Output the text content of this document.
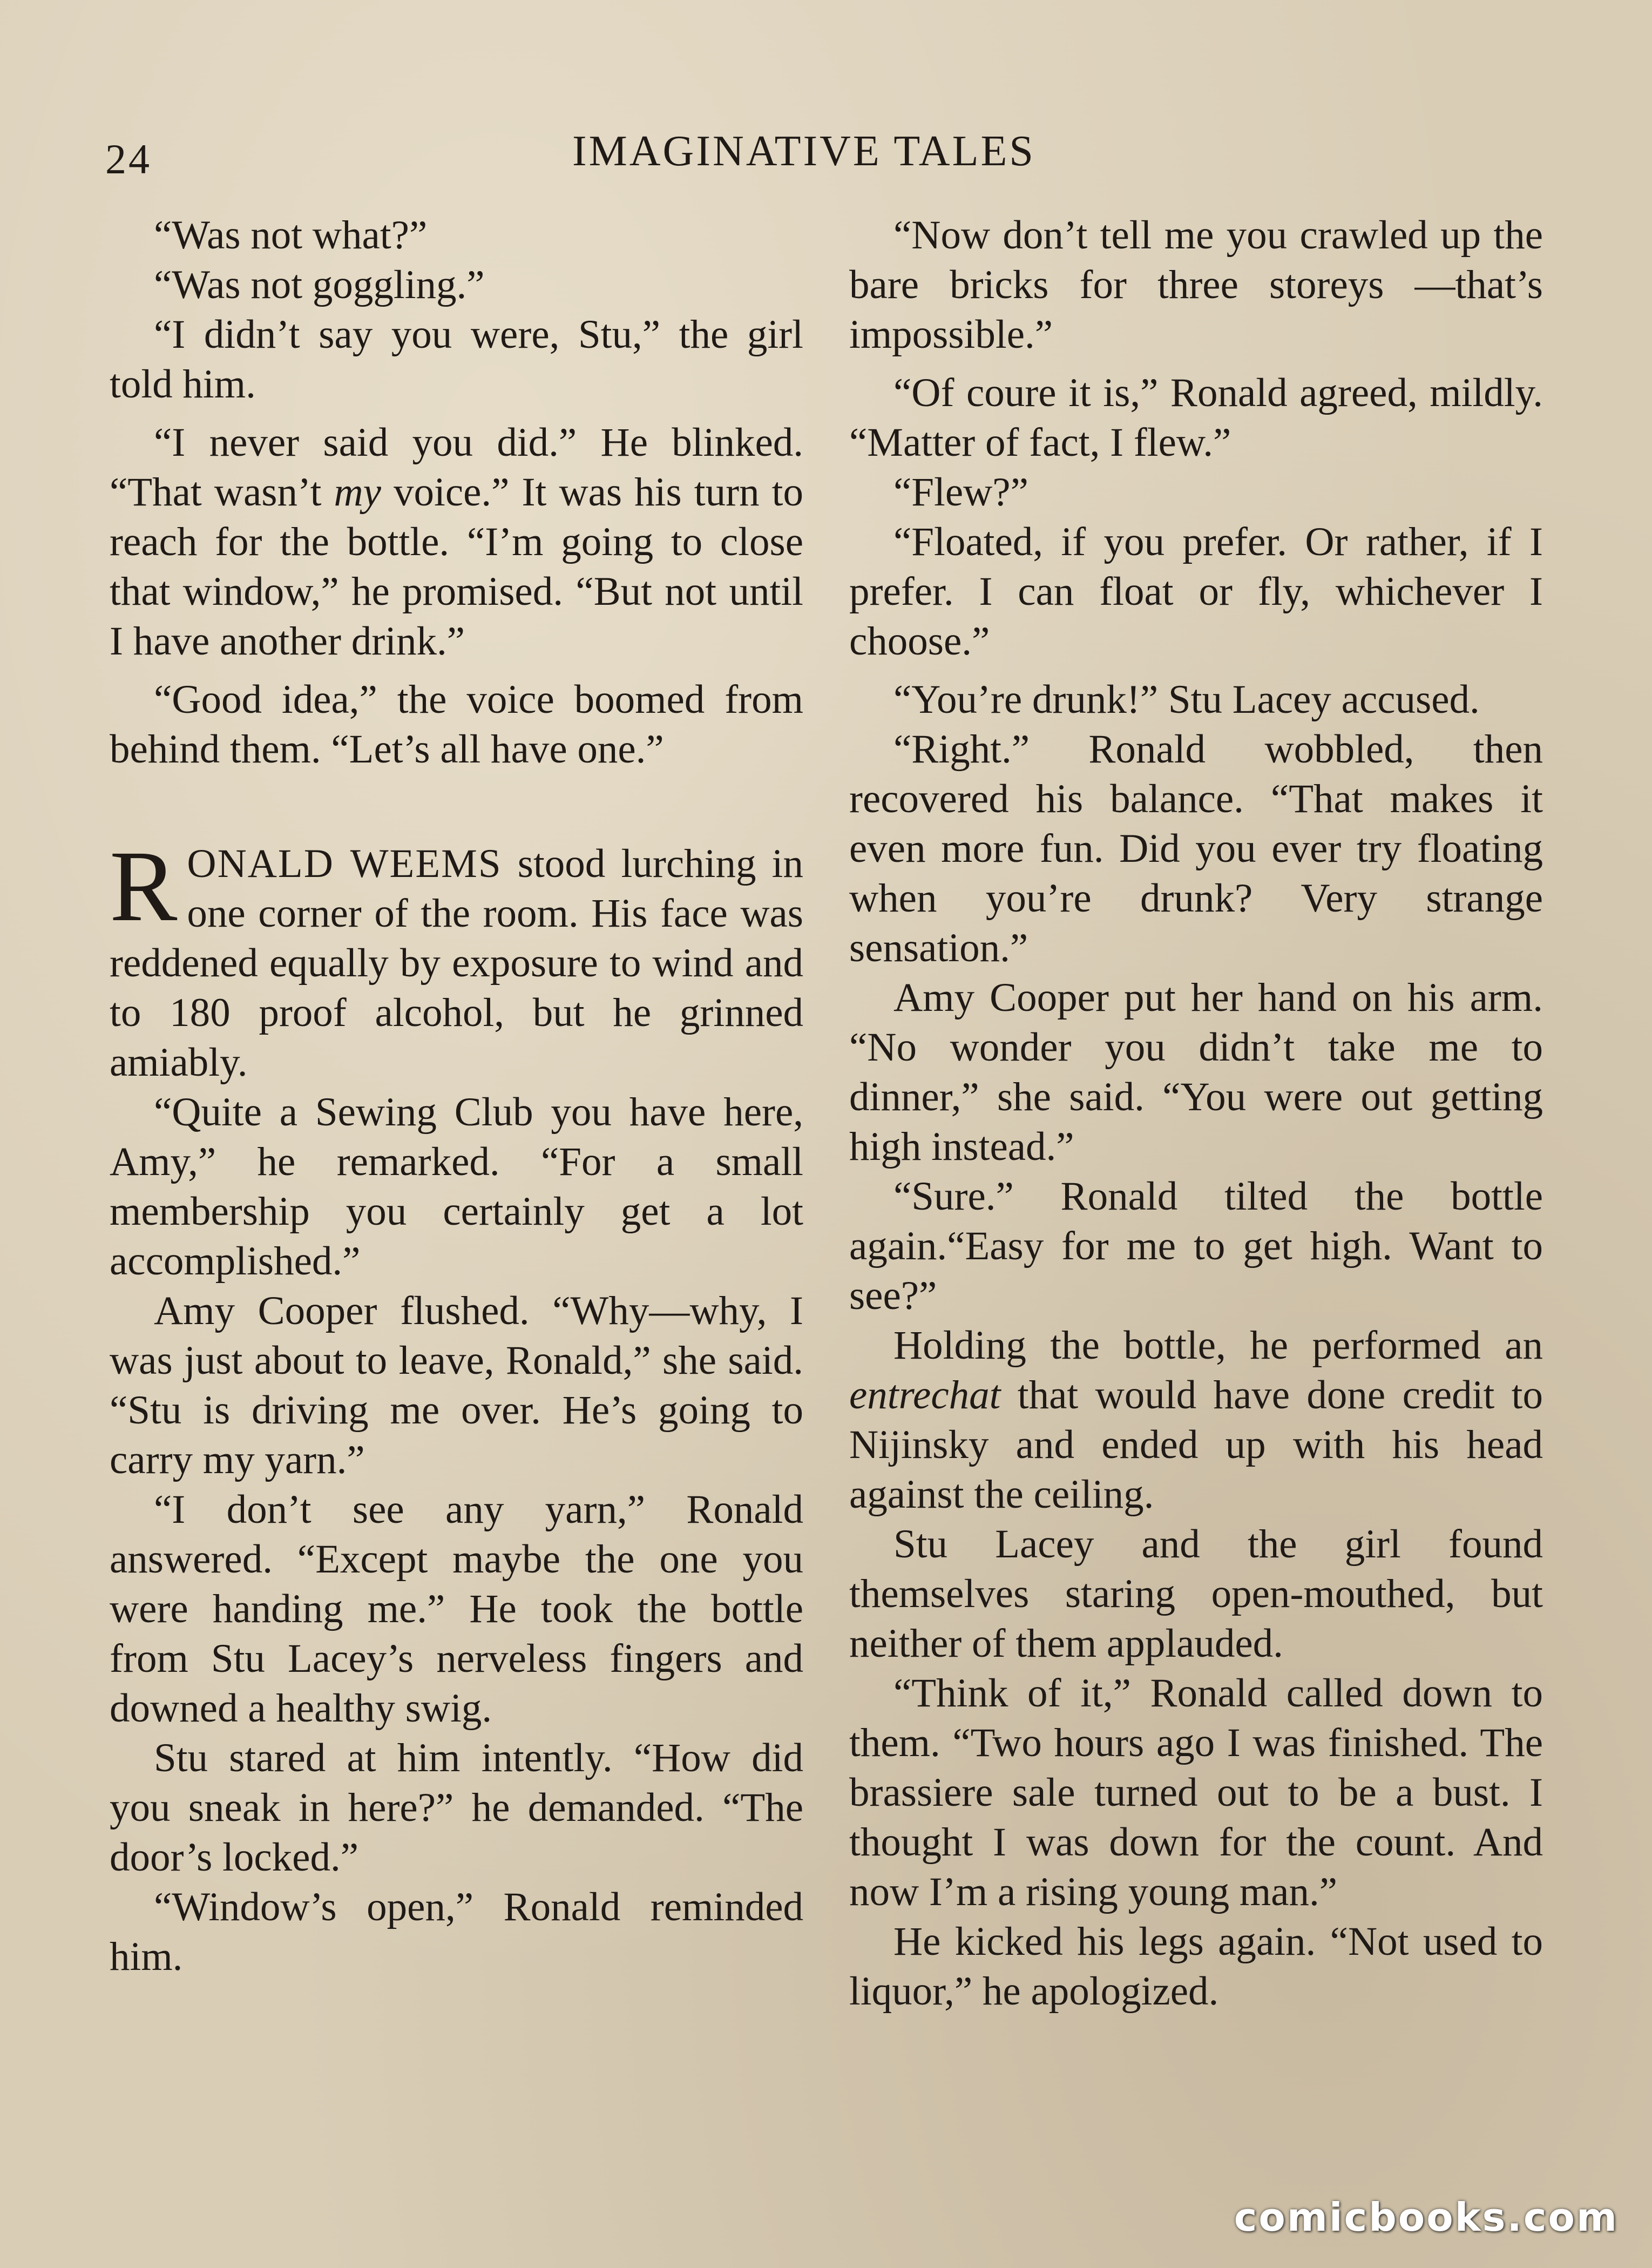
24	IMAGINATIVE TALES

“Was not what?”

“Was not goggling.”

“I didn’t say you were, Stu,” the girl told him.

“I never said you did.” He blinked. “That wasn’t my voice.” It was his turn to reach for the bottle. “I’m going to close that window,” he promised. “But not until I have another drink.”

“Good idea,” the voice boomed from behind them. “Let’s all have one.”

RONALD WEEMS stood lurching in one corner of the room. His face was reddened equally by exposure to wind and to 180 proof alcohol, but he grinned amiably.

“Quite a Sewing Club you have here, Amy,” he remarked. “For a small membership you certainly get a lot accomplished.”

Amy Cooper flushed. “Why—why, I was just about to leave, Ronald,” she said. “Stu is driving me over. He’s going to carry my yarn.”

“I don’t see any yarn,” Ronald answered. “Except maybe the one you were handing me.” He took the bottle from Stu Lacey’s nerveless fingers and downed a healthy swig.

Stu stared at him intently. “How did you sneak in here?” he demanded. “The door’s locked.”

“Window’s open,” Ronald reminded him.

“Now don’t tell me you crawled up the bare bricks for three storeys —that’s impossible.”

“Of coure it is,” Ronald agreed, mildly. “Matter of fact, I flew.”

“Flew?”

“Floated, if you prefer. Or rather, if I prefer. I can float or fly, whichever I choose.”

“You’re drunk!” Stu Lacey accused.

“Right.” Ronald wobbled, then recovered his balance. “That makes it even more fun. Did you ever try floating when you’re drunk? Very strange sensation.”

Amy Cooper put her hand on his arm. “No wonder you didn’t take me to dinner,” she said. “You were out getting high instead.”

“Sure.” Ronald tilted the bottle again.“Easy for me to get high. Want to see?”

Holding the bottle, he performed an entrechat that would have done credit to Nijinsky and ended up with his head against the ceiling.

Stu Lacey and the girl found themselves staring open-mouthed, but neither of them applauded.

“Think of it,” Ronald called down to them. “Two hours ago I was finished. The brassiere sale turned out to be a bust. I thought I was down for the count. And now I’m a rising young man.”

He kicked his legs again. “Not used to liquor,” he apologized.

comicbooks.com
